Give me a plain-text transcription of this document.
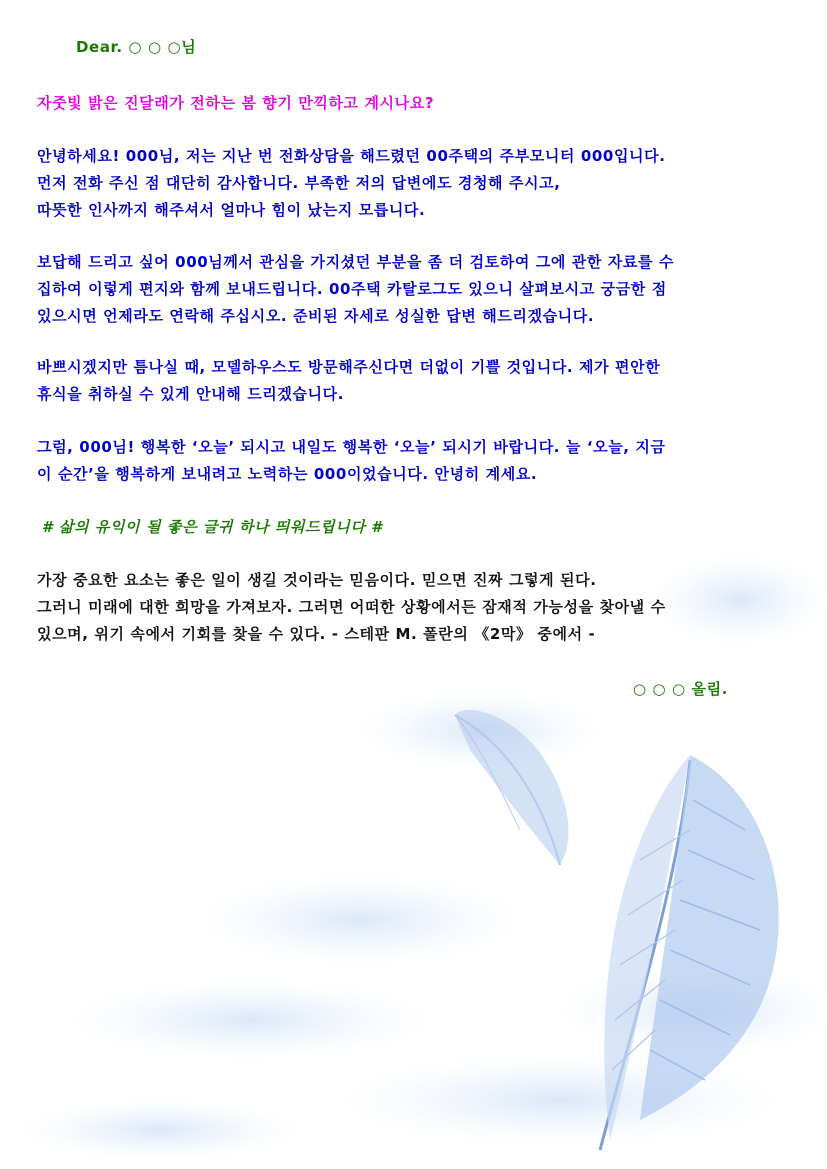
Dear. ○ ○ ○님
자줏빛 밝은 진달래가 전하는 봄 향기 만끽하고 계시나요?
안녕하세요! 000님, 저는 지난 번 전화상담을 해드렸던 00주택의 주부모니터 000입니다.
먼저 전화 주신 점 대단히 감사합니다. 부족한 저의 답변에도 경청해 주시고,
따뜻한 인사까지 해주셔서 얼마나 힘이 났는지 모릅니다.
보답해 드리고 싶어 000님께서 관심을 가지셨던 부분을 좀 더 검토하여 그에 관한 자료를 수
집하여 이렇게 편지와 함께 보내드립니다. 00주택 카탈로그도 있으니 살펴보시고 궁금한 점
있으시면 언제라도 연락해 주십시오. 준비된 자세로 성실한 답변 해드리겠습니다.
바쁘시겠지만 틈나실 때, 모델하우스도 방문해주신다면 더없이 기쁠 것입니다. 제가 편안한
휴식을 취하실 수 있게 안내해 드리겠습니다.
그럼, 000님! 행복한 ‘오늘’ 되시고 내일도 행복한 ‘오늘’ 되시기 바랍니다. 늘 ‘오늘, 지금
이 순간’을 행복하게 보내려고 노력하는 000이었습니다. 안녕히 계세요.
# 삶의 유익이 될 좋은 글귀 하나 띄워드립니다 #
가장 중요한 요소는 좋은 일이 생길 것이라는 믿음이다. 믿으면 진짜 그렇게 된다.
그러니 미래에 대한 희망을 가져보자. 그러면 어떠한 상황에서든 잠재적 가능성을 찾아낼 수
있으며, 위기 속에서 기회를 찾을 수 있다. - 스테판 M. 폴란의 《2막》 중에서 -
○ ○ ○ 올림.
